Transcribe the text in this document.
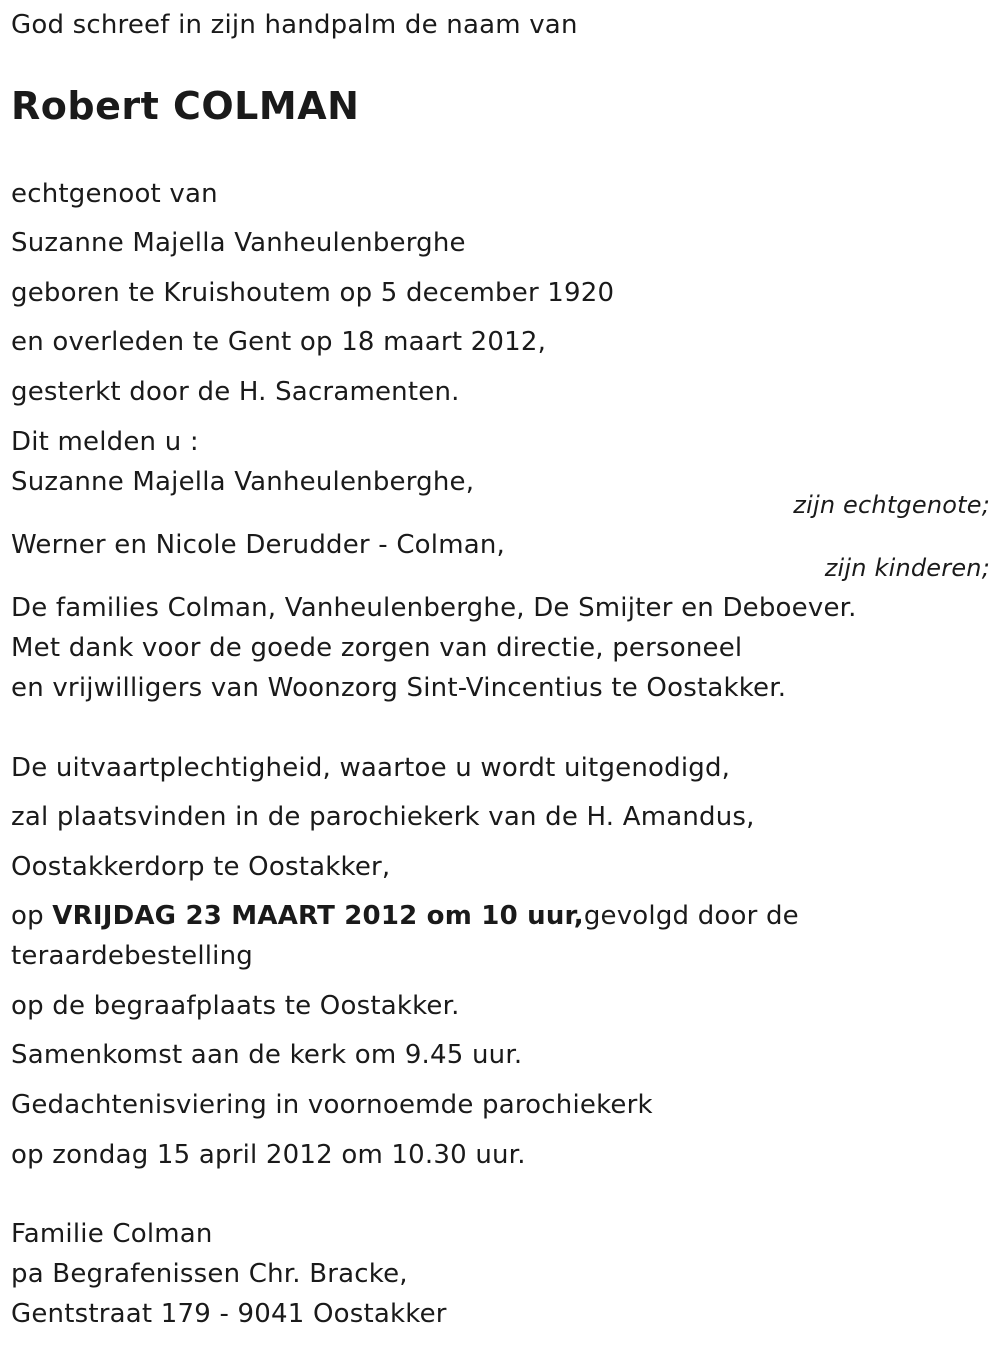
God schreef in zijn handpalm de naam van

Robert COLMAN

echtgenoot van

Suzanne Majella Vanheulenberghe

geboren te Kruishoutem op 5 december 1920

en overleden te Gent op 18 maart 2012,

gesterkt door de H. Sacramenten.

Dit melden u :

Suzanne Majella Vanheulenberghe,

zijn echtgenote;

Werner en Nicole Derudder - Colman,

zijn kinderen;

De families Colman, Vanheulenberghe, De Smijter en Deboever.

Met dank voor de goede zorgen van directie, personeel

en vrijwilligers van Woonzorg Sint-Vincentius te Oostakker.

De uitvaartplechtigheid, waartoe u wordt uitgenodigd,

zal plaatsvinden in de parochiekerk van de H. Amandus,

Oostakkerdorp te Oostakker,

op VRIJDAG 23 MAART 2012 om 10 uur,gevolgd door de

teraardebestelling

op de begraafplaats te Oostakker.

Samenkomst aan de kerk om 9.45 uur.

Gedachtenisviering in voornoemde parochiekerk

op zondag 15 april 2012 om 10.30 uur.

Familie Colman

pa Begrafenissen Chr. Bracke,

Gentstraat 179 - 9041 Oostakker
